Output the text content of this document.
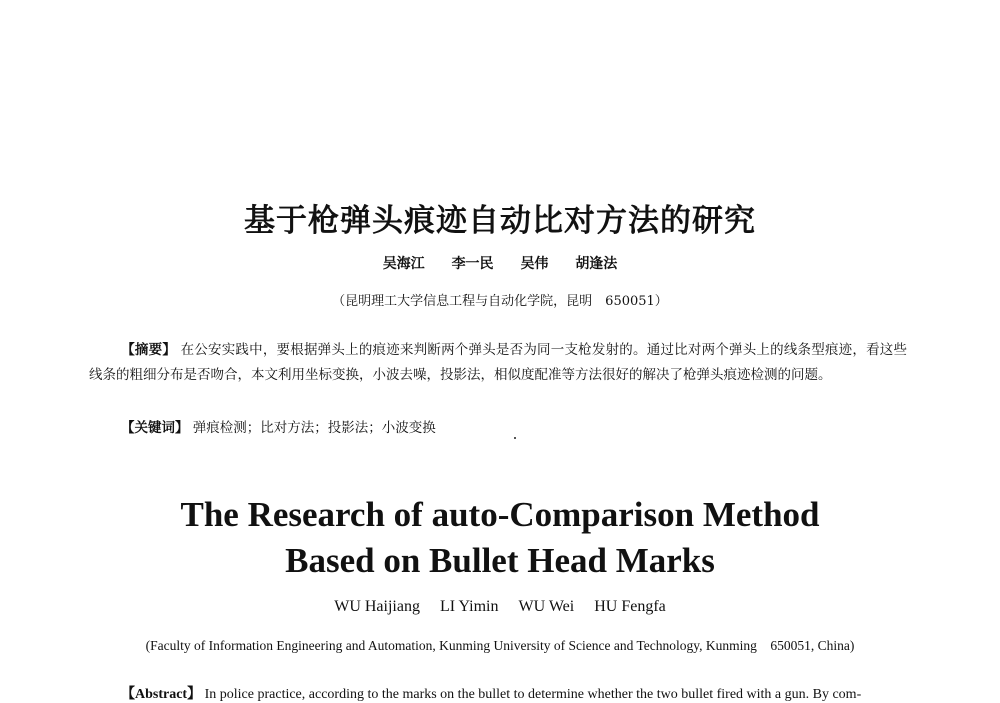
基于枪弹头痕迹自动比对方法的研究
吴海江 李一民 吴伟 胡逢法
（昆明理工大学信息工程与自动化学院，昆明　650051）
【摘要】 在公安实践中，要根据弹头上的痕迹来判断两个弹头是否为同一支枪发射的。通过比对两个弹头上的线条型痕迹，看这些线条的粗细分布是否吻合，本文利用坐标变换，小波去噪，投影法，相似度配准等方法很好的解决了枪弹头痕迹检测的问题。
【关键词】 弹痕检测；比对方法；投影法；小波变换
The Research of auto-Comparison Method
Based on Bullet Head Marks
WU Haijiang LI Yimin WU Wei HU Fengfa
(Faculty of Information Engineering and Automation, Kunming University of Science and Technology, Kunming　650051, China)
【Abstract】 In police practice, according to the marks on the bullet to determine whether the two bullet fired with a gun. By com-
